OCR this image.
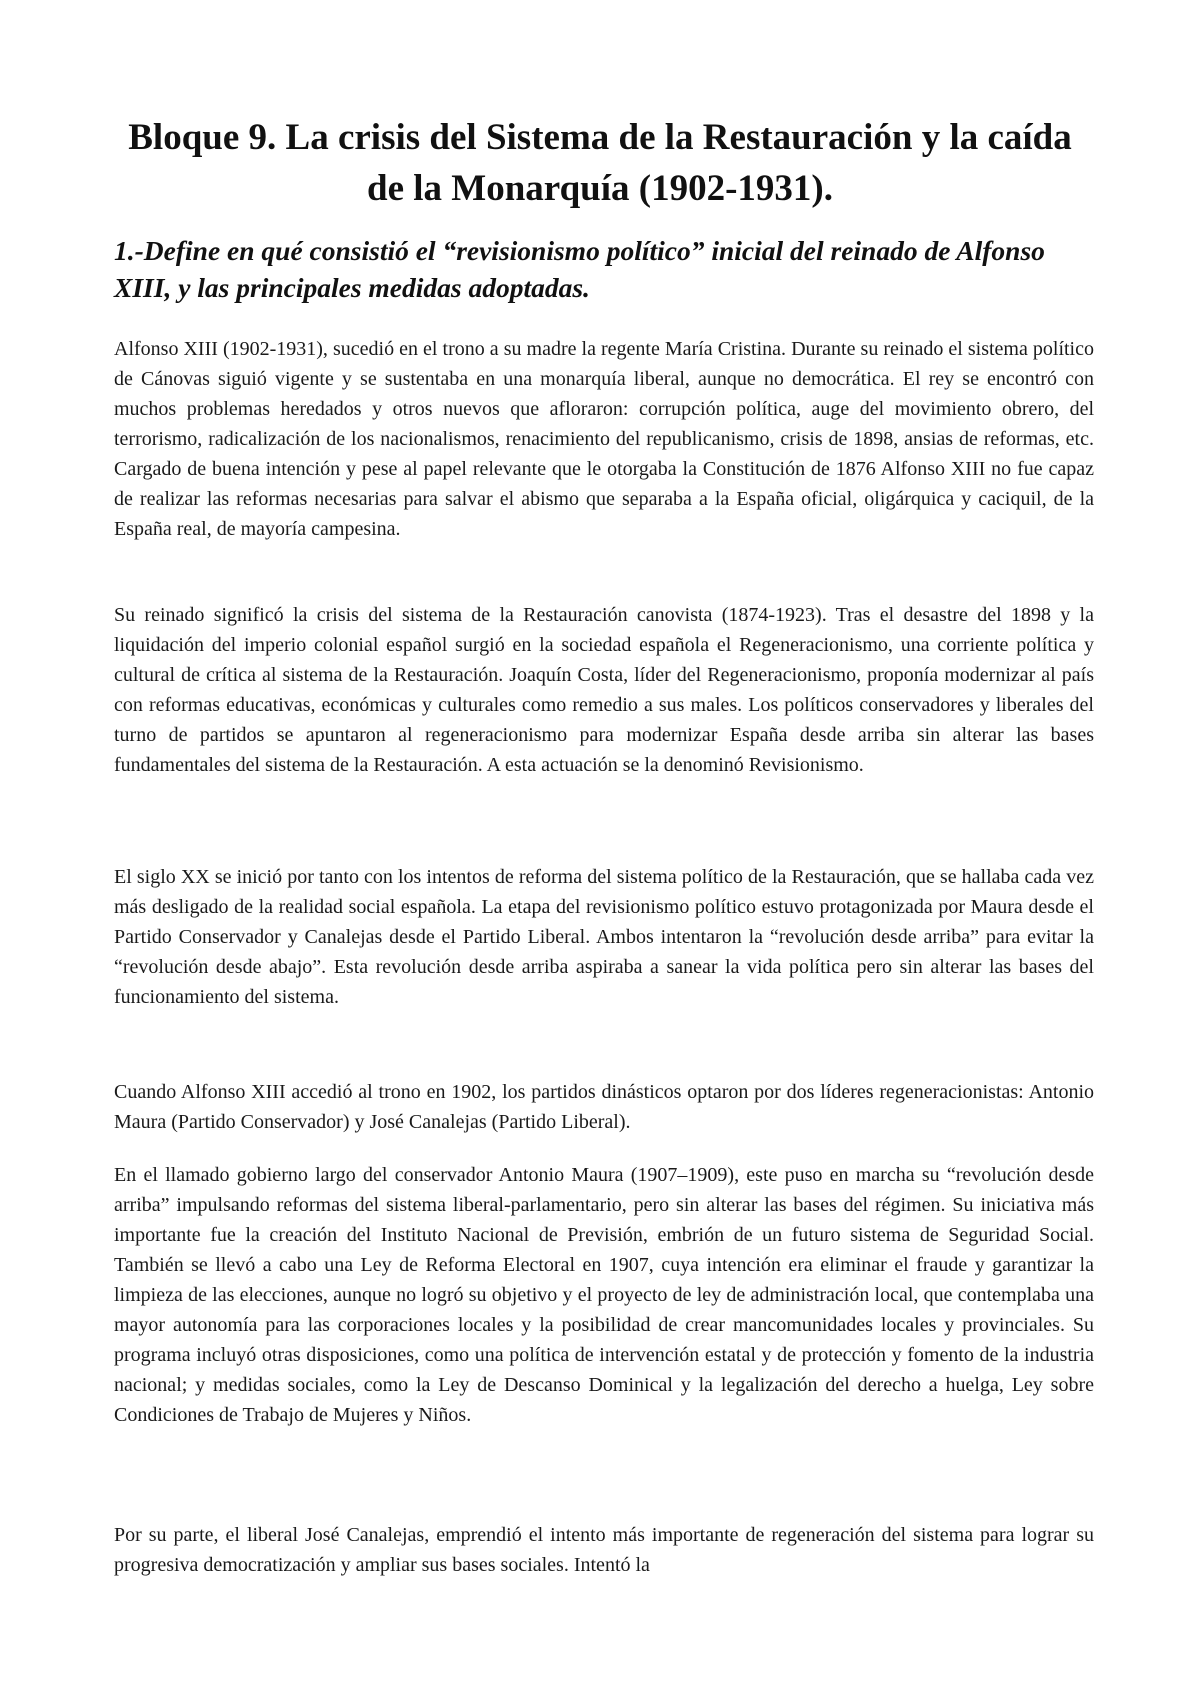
Bloque 9. La crisis del Sistema de la Restauración y la caída de la Monarquía (1902-1931).
1.-Define en qué consistió el “revisionismo político” inicial del reinado de Alfonso XIII, y las principales medidas adoptadas.

Alfonso XIII (1902-1931), sucedió en el trono a su madre la regente María Cristina. Durante su reinado el sistema político de Cánovas siguió vigente y se sustentaba en una monarquía liberal, aunque no democrática. El rey se encontró con muchos problemas heredados y otros nuevos que afloraron: corrupción política, auge del movimiento obrero, del terrorismo, radicalización de los nacionalismos, renacimiento del republicanismo, crisis de 1898, ansias de reformas, etc. Cargado de buena intención y pese al papel relevante que le otorgaba la Constitución de 1876 Alfonso XIII no fue capaz de realizar las reformas necesarias para salvar el abismo que separaba a la España oficial, oligárquica y caciquil, de la España real, de mayoría campesina.

Su reinado significó la crisis del sistema de la Restauración canovista (1874-1923). Tras el desastre del 1898 y la liquidación del imperio colonial español surgió en la sociedad española el Regeneracionismo, una corriente política y cultural de crítica al sistema de la Restauración. Joaquín Costa, líder del Regeneracionismo, proponía modernizar al país con reformas educativas, económicas y culturales como remedio a sus males. Los políticos conservadores y liberales del turno de partidos se apuntaron al regeneracionismo para modernizar España desde arriba sin alterar las bases fundamentales del sistema de la Restauración. A esta actuación se la denominó Revisionismo.

El siglo XX se inició por tanto con los intentos de reforma del sistema político de la Restauración, que se hallaba cada vez más desligado de la realidad social española. La etapa del revisionismo político estuvo protagonizada por Maura desde el Partido Conservador y Canalejas desde el Partido Liberal. Ambos intentaron la “revolución desde arriba” para evitar la “revolución desde abajo”. Esta revolución desde arriba aspiraba a sanear la vida política pero sin alterar las bases del funcionamiento del sistema.

Cuando Alfonso XIII accedió al trono en 1902, los partidos dinásticos optaron por dos líderes regeneracionistas: Antonio Maura (Partido Conservador) y José Canalejas (Partido Liberal).

En el llamado gobierno largo del conservador Antonio Maura (1907–1909), este puso en marcha su “revolución desde arriba” impulsando reformas del sistema liberal-parlamentario, pero sin alterar las bases del régimen. Su iniciativa más importante fue la creación del Instituto Nacional de Previsión, embrión de un futuro sistema de Seguridad Social. También se llevó a cabo una Ley de Reforma Electoral en 1907, cuya intención era eliminar el fraude y garantizar la limpieza de las elecciones, aunque no logró su objetivo y el proyecto de ley de administración local, que contemplaba una mayor autonomía para las corporaciones locales y la posibilidad de crear mancomunidades locales y provinciales. Su programa incluyó otras disposiciones, como una política de intervención estatal y de protección y fomento de la industria nacional; y medidas sociales, como la Ley de Descanso Dominical y la legalización del derecho a huelga, Ley sobre Condiciones de Trabajo de Mujeres y Niños.

Por su parte, el liberal José Canalejas, emprendió el intento más importante de regeneración del sistema para lograr su progresiva democratización y ampliar sus bases sociales. Intentó la
